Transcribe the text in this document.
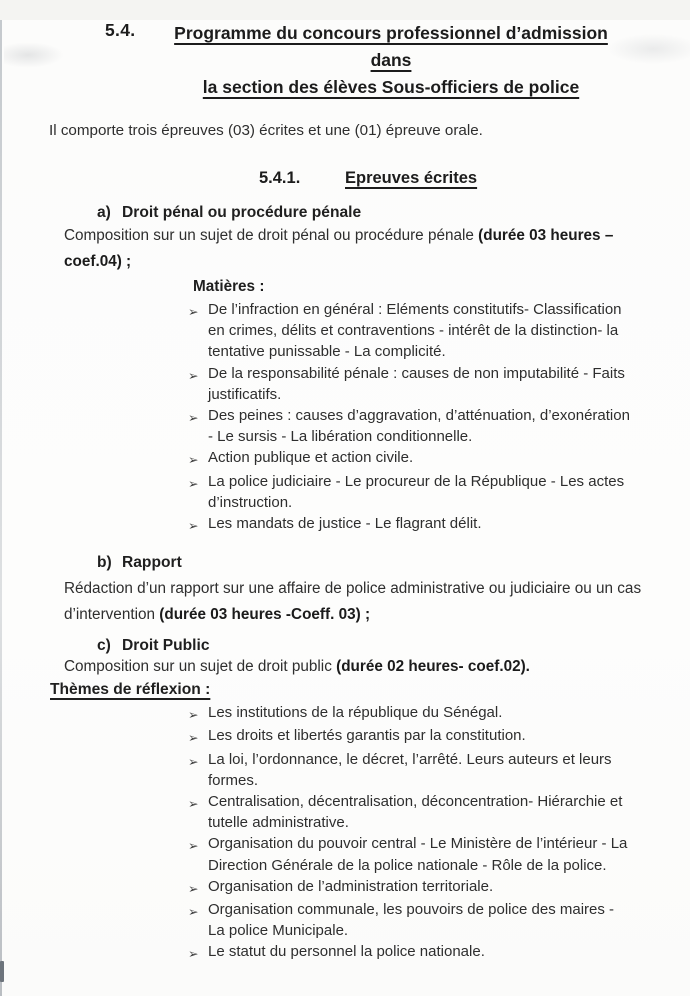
5.4.	Programme du concours professionnel d’admission dans
la section des élèves Sous-officiers de police

Il comporte trois épreuves (03) écrites et une (01) épreuve orale.

5.4.1.	Epreuves écrites
a) Droit pénal ou procédure pénale

Composition sur un sujet de droit pénal ou procédure pénale (durée 03 heures –coef.04) ;

Matières :
➢ De l’infraction en général : Eléments constitutifs- Classification en crimes, délits et contraventions - intérêt de la distinction- la tentative punissable - La complicité.
➢ De la responsabilité pénale : causes de non imputabilité - Faits justificatifs.
➢ Des peines : causes d’aggravation, d’atténuation, d’exonération - Le sursis - La libération conditionnelle.
➢ Action publique et action civile.
➢ La police judiciaire - Le procureur de la République - Les actes d’instruction.
➢ Les mandats de justice - Le flagrant délit.
b) Rapport

Rédaction d’un rapport sur une affaire de police administrative ou judiciaire ou un cas d’intervention (durée 03 heures -Coeff. 03) ;

c) Droit Public

Composition sur un sujet de droit public (durée 02 heures- coef.02).

Thèmes de réflexion :
➢ Les institutions de la république du Sénégal.
➢ Les droits et libertés garantis par la constitution.
➢ La loi, l’ordonnance, le décret, l’arrêté. Leurs auteurs et leurs formes.
➢ Centralisation, décentralisation, déconcentration- Hiérarchie et tutelle administrative.
➢ Organisation du pouvoir central - Le Ministère de l’intérieur - La Direction Générale de la police nationale - Rôle de la police.
➢ Organisation de l’administration territoriale.
➢ Organisation communale, les pouvoirs de police des maires - La police Municipale.
➢ Le statut du personnel la police nationale.
